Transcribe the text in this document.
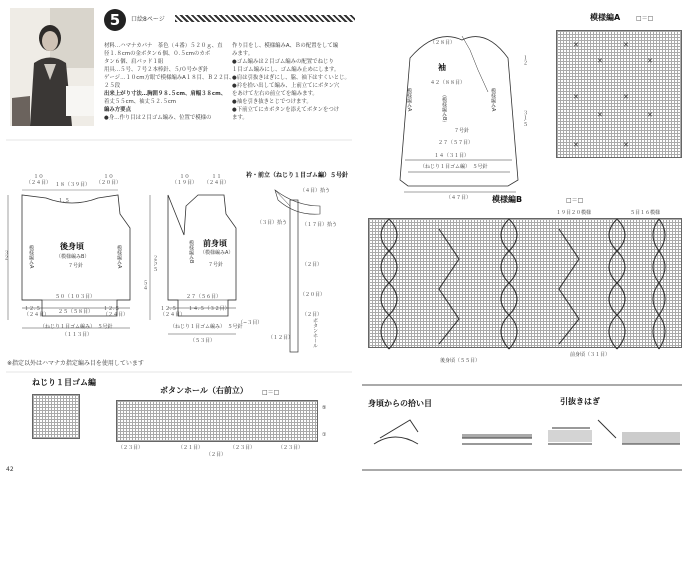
5	口絵8ページ
材料…ハマナカパナ　茶色（４番）５２０ｇ、直
径１.８cmの金ボタン６個、０.５cmのカボ
タン６個、肩パッド１組
用具…５号、７号２本棒針、５/０号かぎ針
ゲージ…１０cm方眼で模様編みA１８目、Ｂ２２目、
２５段
出来上がり寸法…胸囲９８.５cm、肩幅３８cm、
着丈５５cm、袖丈５２.５cm
編み方要点
●身…作り目は２目ゴム編み、位置で模様の
作り目をし、模様編みA、Ｂの配置をして編
みます。
●ゴム編みは２目ゴム編みの配置でねじり
１目ゴム編みにし、ゴム編み止めにします。
●肩は引抜きはぎにし、脇、袖下はすくいとじ。
●衿を拾い出して編み、上前立てにボタン穴
をあけて左右の前立てを編みます。
●袖を引き抜きとじでつけます。
●下前立てにカボタンを添えてボタンをつけ
ます。
１０
（２４目） １８（３９目）
１０
（２０目）
１.５
後身頃
（模様編みB）
７号針
模様編みA	模様編みA
５０（１０３目）
１２.５
（２４目） ２５（５８目） １２.５
（２４目）
（ねじり１目ゴム編み）　５号針
（１１３目）
３２
１０
（１９目）
１１
（２４目）
前身頃
（模様編みA）
７号針
模様編みB
２７（５６目）
１２.５
（２４目）
１４.５（３２目）
（−３目）
（ねじり１目ゴム編み）　５号針
（５３目）
２５.５
５４
衿・前立（ねじり１目ゴム編）５号針
（４目）拾う
（３目）拾う	（１７目）拾う
（２目）
（２０目）
（２目）
（１２目）	ボタンホール
※指定以外はハマナカ指定編み目を使用しています
ねじり１目ゴム編
ボタンホール（右前立） □＝□
⑤
①
（２３目）	（２１目）	（２３目）	（２３目）
（２目）
42
（２８目）
４２（８８目）
袖
模様編みA	（模様編みB）	模様編みA
７号針
２７（５７目）
１４（３１目）
（ねじり１目ゴム編）　５号針
（４７目）
３１.５
１２
模様編A	□＝□
✕
✕
✕
✕
✕
✕
✕
✕
✕	✕
模様編B	□＝□
１９目２０模様	５目１６模様
後身頃（５５目）
前身頃（３１目）
身頃からの拾い目	引抜きはぎ
